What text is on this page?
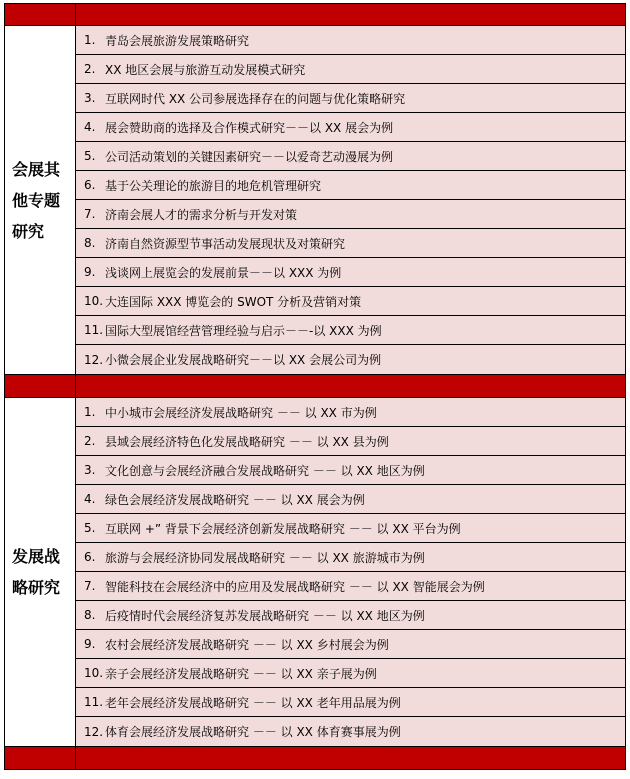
会展其
他专题
研究
1. 青岛会展旅游发展策略研究
2. XX 地区会展与旅游互动发展模式研究
3. 互联网时代 XX 公司参展选择存在的问题与优化策略研究
4. 展会赞助商的选择及合作模式研究－－以 XX 展会为例
5. 公司活动策划的关键因素研究－－以爱奇艺动漫展为例
6. 基于公关理论的旅游目的地危机管理研究
7. 济南会展人才的需求分析与开发对策
8. 济南自然资源型节事活动发展现状及对策研究
9. 浅谈网上展览会的发展前景－－以 XXX 为例
10. 大连国际 XXX 博览会的 SWOT 分析及营销对策
11. 国际大型展馆经营管理经验与启示－－-以 XXX 为例
12. 小微会展企业发展战略研究－－以 XX 会展公司为例
发展战
略研究
1. 中小城市会展经济发展战略研究 －－ 以 XX 市为例
2. 县域会展经济特色化发展战略研究 －－ 以 XX 县为例
3. 文化创意与会展经济融合发展战略研究 －－ 以 XX 地区为例
4. 绿色会展经济发展战略研究 －－ 以 XX 展会为例
5. 互联网 +” 背景下会展经济创新发展战略研究 －－ 以 XX 平台为例
6. 旅游与会展经济协同发展战略研究 －－ 以 XX 旅游城市为例
7. 智能科技在会展经济中的应用及发展战略研究 －－ 以 XX 智能展会为例
8. 后疫情时代会展经济复苏发展战略研究 －－ 以 XX 地区为例
9. 农村会展经济发展战略研究 －－ 以 XX 乡村展会为例
10. 亲子会展经济发展战略研究 －－ 以 XX 亲子展为例
11. 老年会展经济发展战略研究 －－ 以 XX 老年用品展为例
12. 体育会展经济发展战略研究 －－ 以 XX 体育赛事展为例
